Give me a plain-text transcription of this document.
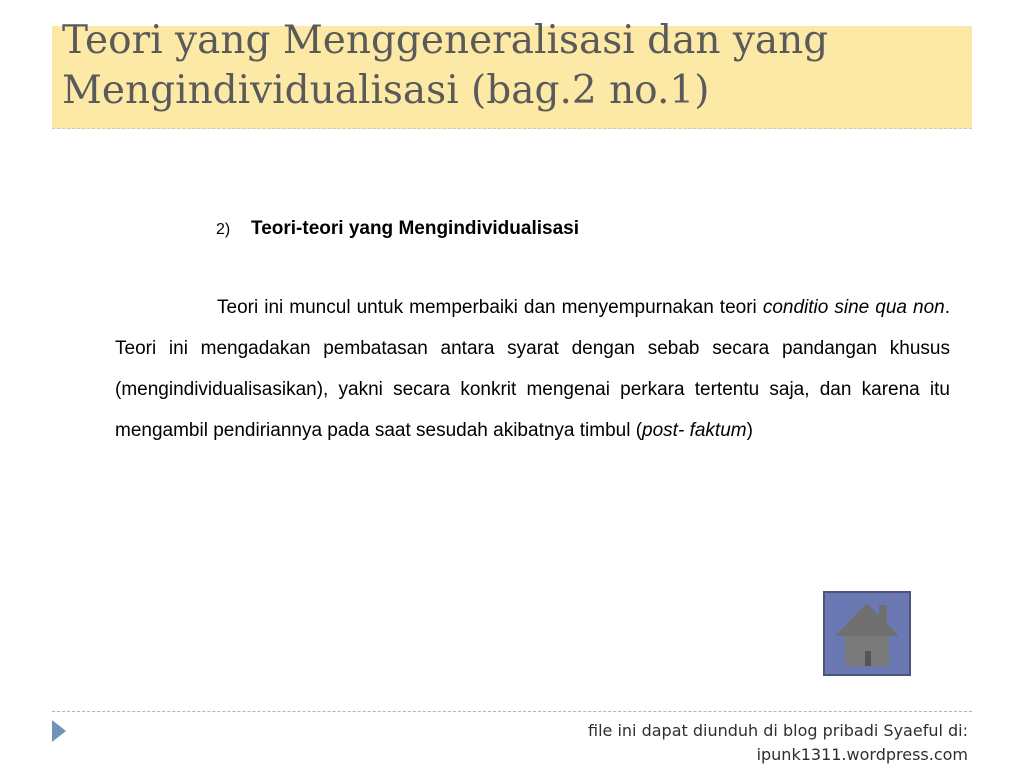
Teori yang Menggeneralisasi dan yang Mengindividualisasi (bag.2 no.1)
2) Teori-teori yang Mengindividualisasi

Teori ini muncul untuk memperbaiki dan menyempurnakan teori conditio sine qua non. Teori ini mengadakan pembatasan antara syarat dengan sebab secara pandangan khusus (mengindividualisasikan), yakni secara konkrit mengenai perkara tertentu saja, dan karena itu mengambil pendiriannya pada saat sesudah akibatnya timbul (post- faktum)

file ini dapat diunduh di blog pribadi Syaeful di:
ipunk1311.wordpress.com
